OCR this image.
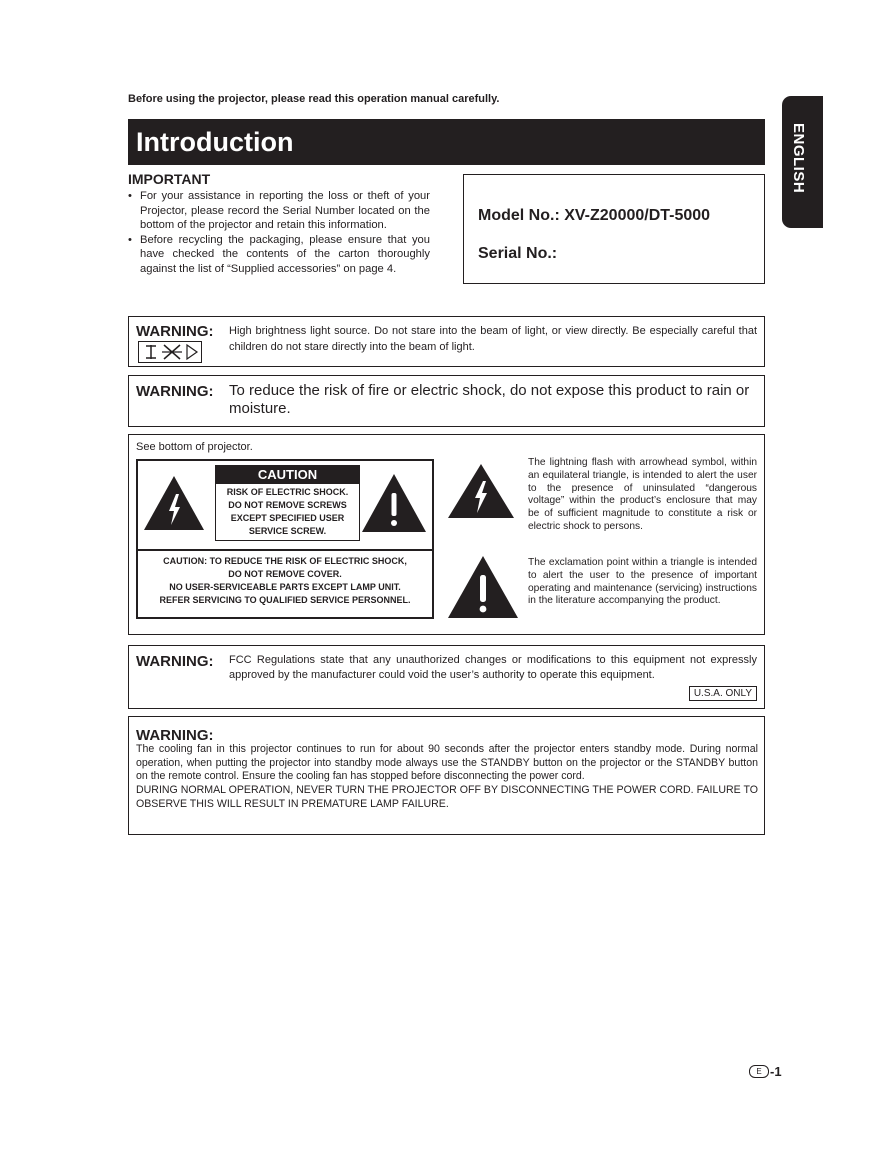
Before using the projector, please read this operation manual carefully.
Introduction	ENGLISH
IMPORTANT
• For your assistance in reporting the loss or theft of your Projector, please record the Serial Number located on the bottom of the projector and retain this information.
• Before recycling the packaging, please ensure that you have checked the contents of the carton thoroughly against the list of “Supplied accessories” on page 4.
Model No.: XV-Z20000/DT-5000
Serial No.:
WARNING: High brightness light source. Do not stare into the beam of light, or view directly. Be especially careful that children do not stare directly into the beam of light.
WARNING: To reduce the risk of fire or electric shock, do not expose this product to rain or moisture.
See bottom of projector.
CAUTION
RISK OF ELECTRIC SHOCK.
DO NOT REMOVE SCREWS
EXCEPT SPECIFIED USER
SERVICE SCREW.
CAUTION: TO REDUCE THE RISK OF ELECTRIC SHOCK,
DO NOT REMOVE COVER.
NO USER-SERVICEABLE PARTS EXCEPT LAMP UNIT.
REFER SERVICING TO QUALIFIED SERVICE PERSONNEL.
The lightning flash with arrowhead symbol, within an equilateral triangle, is intended to alert the user to the presence of uninsulated “dangerous voltage” within the product’s enclosure that may be of sufficient magnitude to constitute a risk or electric shock to persons.
The exclamation point within a triangle is intended to alert the user to the presence of important operating and maintenance (servicing) instructions in the literature accompanying the product.
WARNING: FCC Regulations state that any unauthorized changes or modifications to this equipment not expressly approved by the manufacturer could void the user’s authority to operate this equipment.
U.S.A. ONLY
WARNING:
The cooling fan in this projector continues to run for about 90 seconds after the projector enters standby mode. During normal operation, when putting the projector into standby mode always use the STANDBY button on the projector or the STANDBY button on the remote control. Ensure the cooling fan has stopped before disconnecting the power cord.
DURING NORMAL OPERATION, NEVER TURN THE PROJECTOR OFF BY DISCONNECTING THE POWER CORD. FAILURE TO OBSERVE THIS WILL RESULT IN PREMATURE LAMP FAILURE.
E -1
